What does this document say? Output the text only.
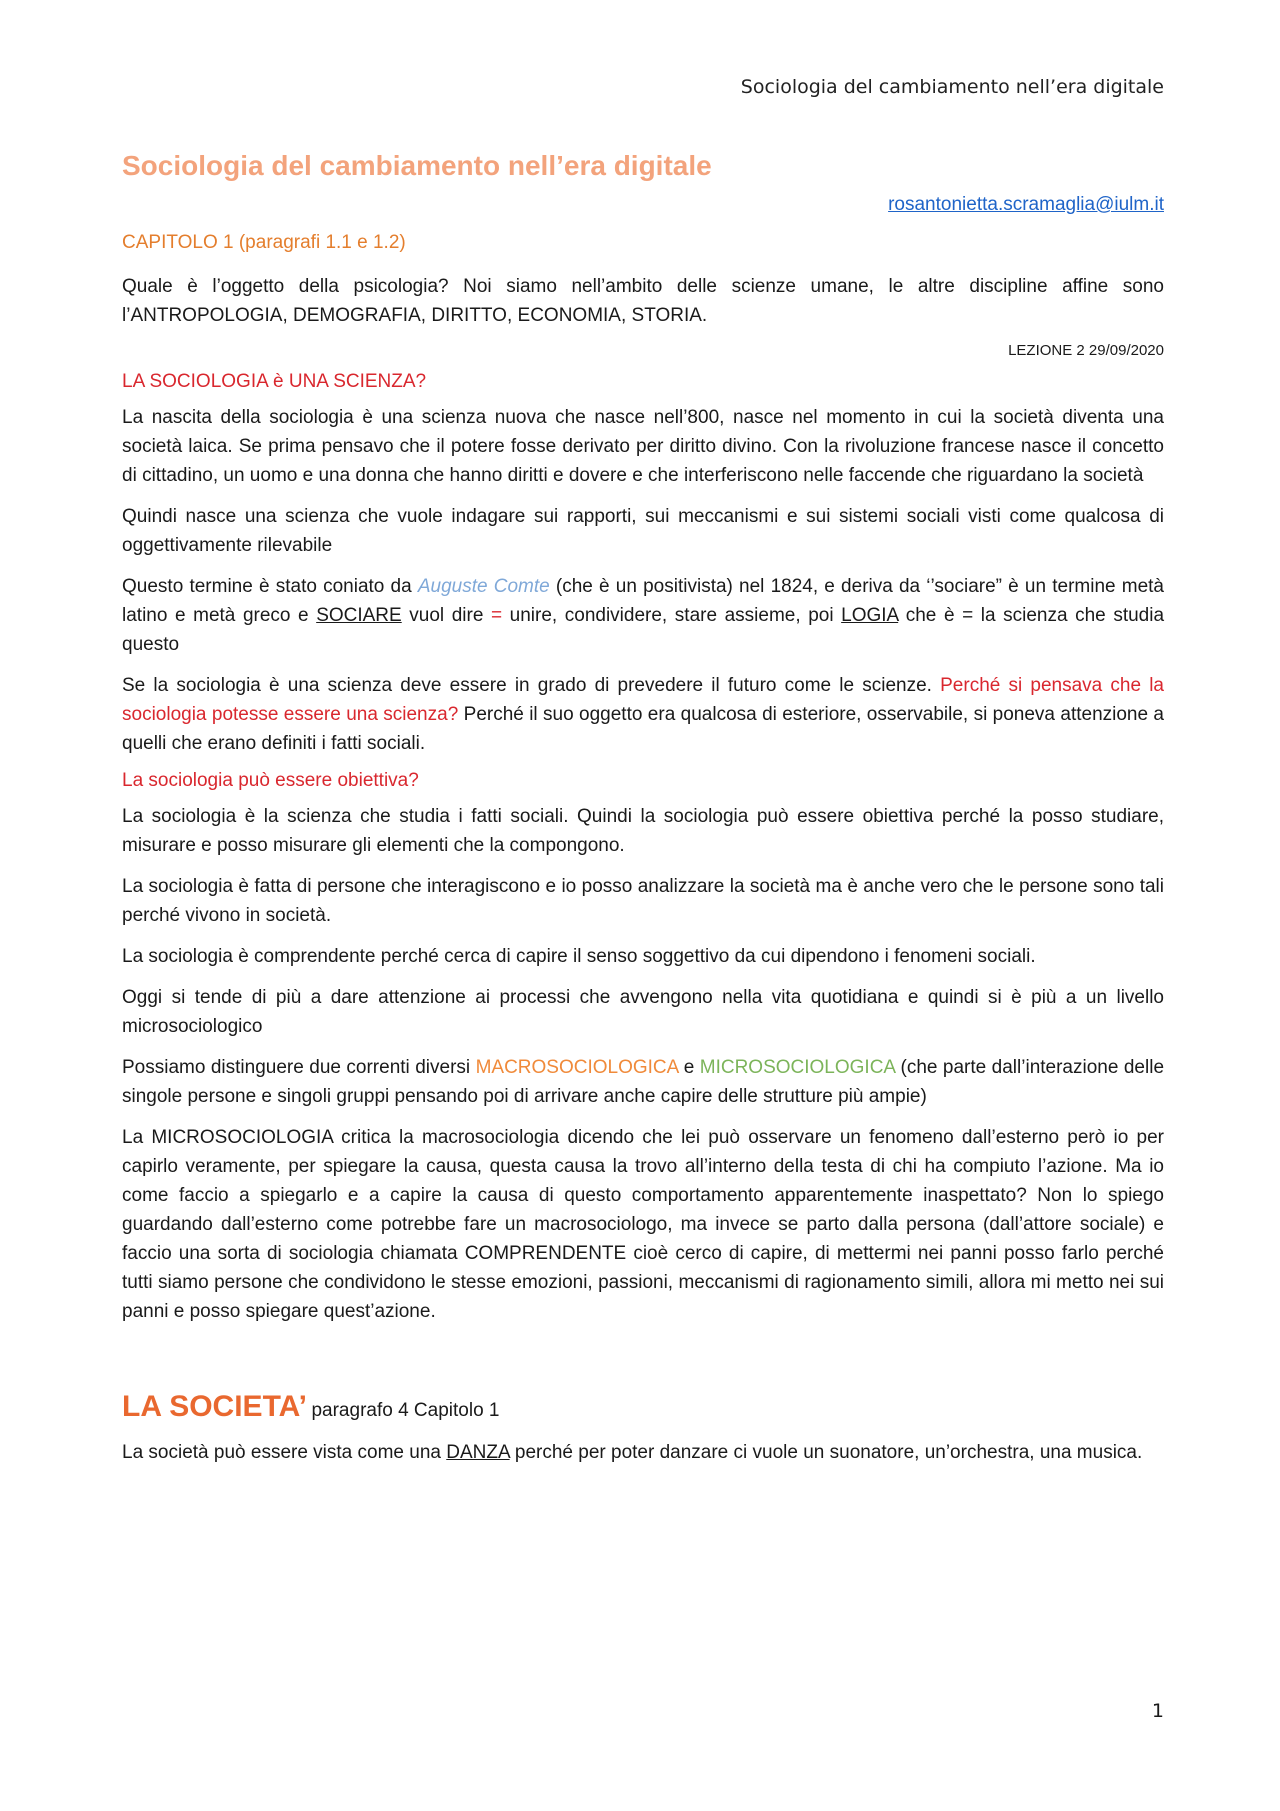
Sociologia del cambiamento nell’era digitale
Sociologia del cambiamento nell’era digitale
rosantonietta.scramaglia@iulm.it
CAPITOLO 1 (paragrafi 1.1 e 1.2)

Quale è l’oggetto della psicologia? Noi siamo nell’ambito delle scienze umane, le altre discipline affine sono l’ANTROPOLOGIA, DEMOGRAFIA, DIRITTO, ECONOMIA, STORIA.

LEZIONE 2 29/09/2020
LA SOCIOLOGIA è UNA SCIENZA?

La nascita della sociologia è una scienza nuova che nasce nell’800, nasce nel momento in cui la società diventa una società laica. Se prima pensavo che il potere fosse derivato per diritto divino. Con la rivoluzione francese nasce il concetto di cittadino, un uomo e una donna che hanno diritti e dovere e che interferiscono nelle faccende che riguardano la società

Quindi nasce una scienza che vuole indagare sui rapporti, sui meccanismi e sui sistemi sociali visti come qualcosa di oggettivamente rilevabile

Questo termine è stato coniato da Auguste Comte (che è un positivista) nel 1824, e deriva da ‘’sociare” è un termine metà latino e metà greco e SOCIARE vuol dire = unire, condividere, stare assieme, poi LOGIA che è = la scienza che studia questo

Se la sociologia è una scienza deve essere in grado di prevedere il futuro come le scienze. Perché si pensava che la sociologia potesse essere una scienza? Perché il suo oggetto era qualcosa di esteriore, osservabile, si poneva attenzione a quelli che erano definiti i fatti sociali.

La sociologia può essere obiettiva?

La sociologia è la scienza che studia i fatti sociali. Quindi la sociologia può essere obiettiva perché la posso studiare, misurare e posso misurare gli elementi che la compongono.

La sociologia è fatta di persone che interagiscono e io posso analizzare la società ma è anche vero che le persone sono tali perché vivono in società.

La sociologia è comprendente perché cerca di capire il senso soggettivo da cui dipendono i fenomeni sociali.

Oggi si tende di più a dare attenzione ai processi che avvengono nella vita quotidiana e quindi si è più a un livello microsociologico

Possiamo distinguere due correnti diversi MACROSOCIOLOGICA e MICROSOCIOLOGICA (che parte dall’interazione delle singole persone e singoli gruppi pensando poi di arrivare anche capire delle strutture più ampie)

La MICROSOCIOLOGIA critica la macrosociologia dicendo che lei può osservare un fenomeno dall’esterno però io per capirlo veramente, per spiegare la causa, questa causa la trovo all’interno della testa di chi ha compiuto l’azione. Ma io come faccio a spiegarlo e a capire la causa di questo comportamento apparentemente inaspettato? Non lo spiego guardando dall’esterno come potrebbe fare un macrosociologo, ma invece se parto dalla persona (dall’attore sociale) e faccio una sorta di sociologia chiamata COMPRENDENTE cioè cerco di capire, di mettermi nei panni posso farlo perché tutti siamo persone che condividono le stesse emozioni, passioni, meccanismi di ragionamento simili, allora mi metto nei sui panni e posso spiegare quest’azione.

LA SOCIETA’ paragrafo 4 Capitolo 1

La società può essere vista come una DANZA perché per poter danzare ci vuole un suonatore, un’orchestra, una musica.

1
